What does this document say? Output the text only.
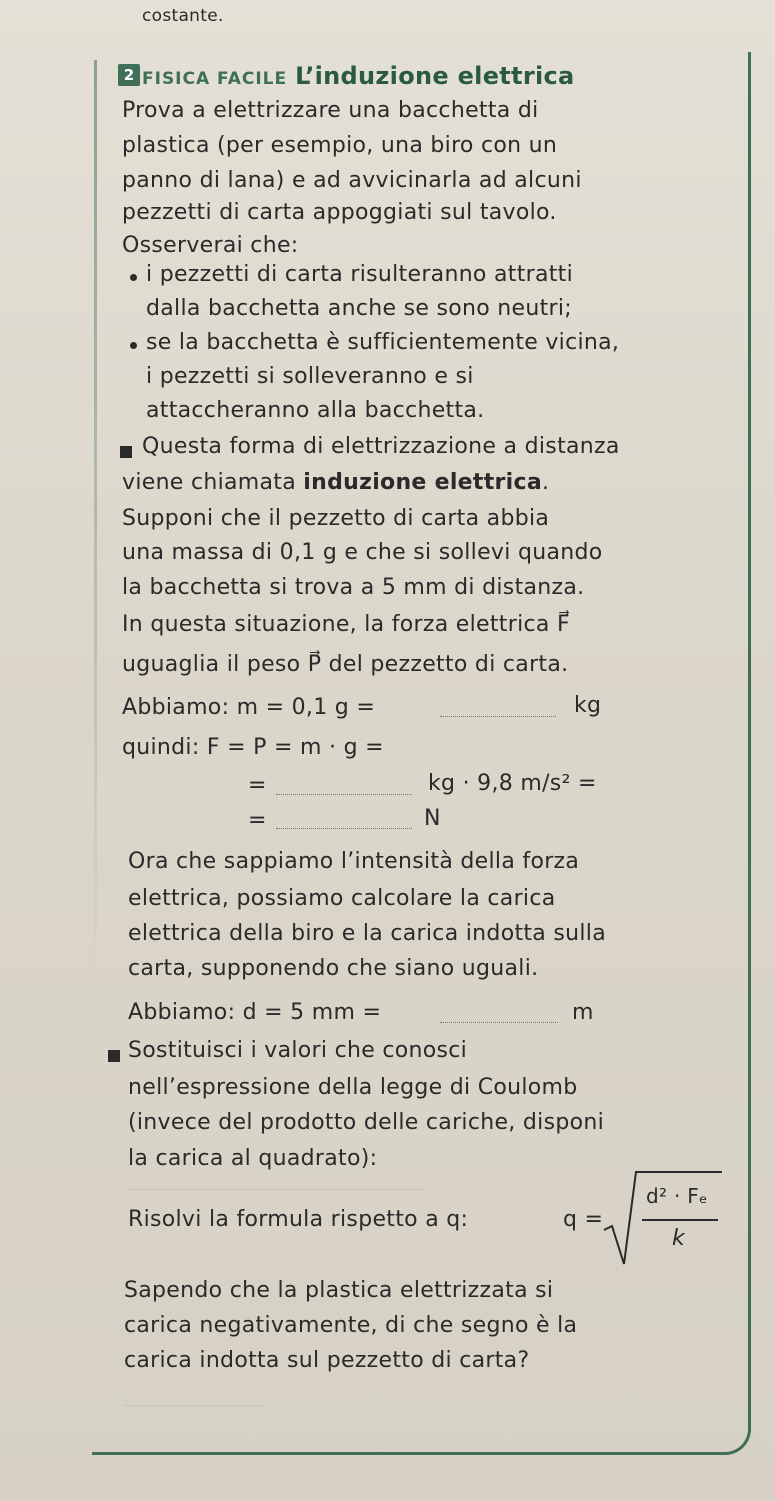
costante.
2 FISICA FACILE L’induzione elettrica
Prova a elettrizzare una bacchetta di
plastica (per esempio, una biro con un
panno di lana) e ad avvicinarla ad alcuni
pezzetti di carta appoggiati sul tavolo.
Osserverai che:
i pezzetti di carta risulteranno attratti
dalla bacchetta anche se sono neutri;
se la bacchetta è sufficientemente vicina,
i pezzetti si solleveranno e si
attaccheranno alla bacchetta.
Questa forma di elettrizzazione a distanza
viene chiamata induzione elettrica.
Supponi che il pezzetto di carta abbia
una massa di 0,1 g e che si sollevi quando
la bacchetta si trova a 5 mm di distanza.
In questa situazione, la forza elettrica F⃗
uguaglia il peso P⃗ del pezzetto di carta.
Abbiamo: m = 0,1 g =	kg
quindi: F = P = m · g =
=	kg · 9,8 m/s² =
=	N
Ora che sappiamo l’intensità della forza
elettrica, possiamo calcolare la carica
elettrica della biro e la carica indotta sulla
carta, supponendo che siano uguali.
Abbiamo: d = 5 mm =	m
Sostituisci i valori che conosci
nell’espressione della legge di Coulomb
(invece del prodotto delle cariche, disponi
la carica al quadrato):
Risolvi la formula rispetto a q:	q =
d² · Fₑ
k
Sapendo che la plastica elettrizzata si
carica negativamente, di che segno è la
carica indotta sul pezzetto di carta?
